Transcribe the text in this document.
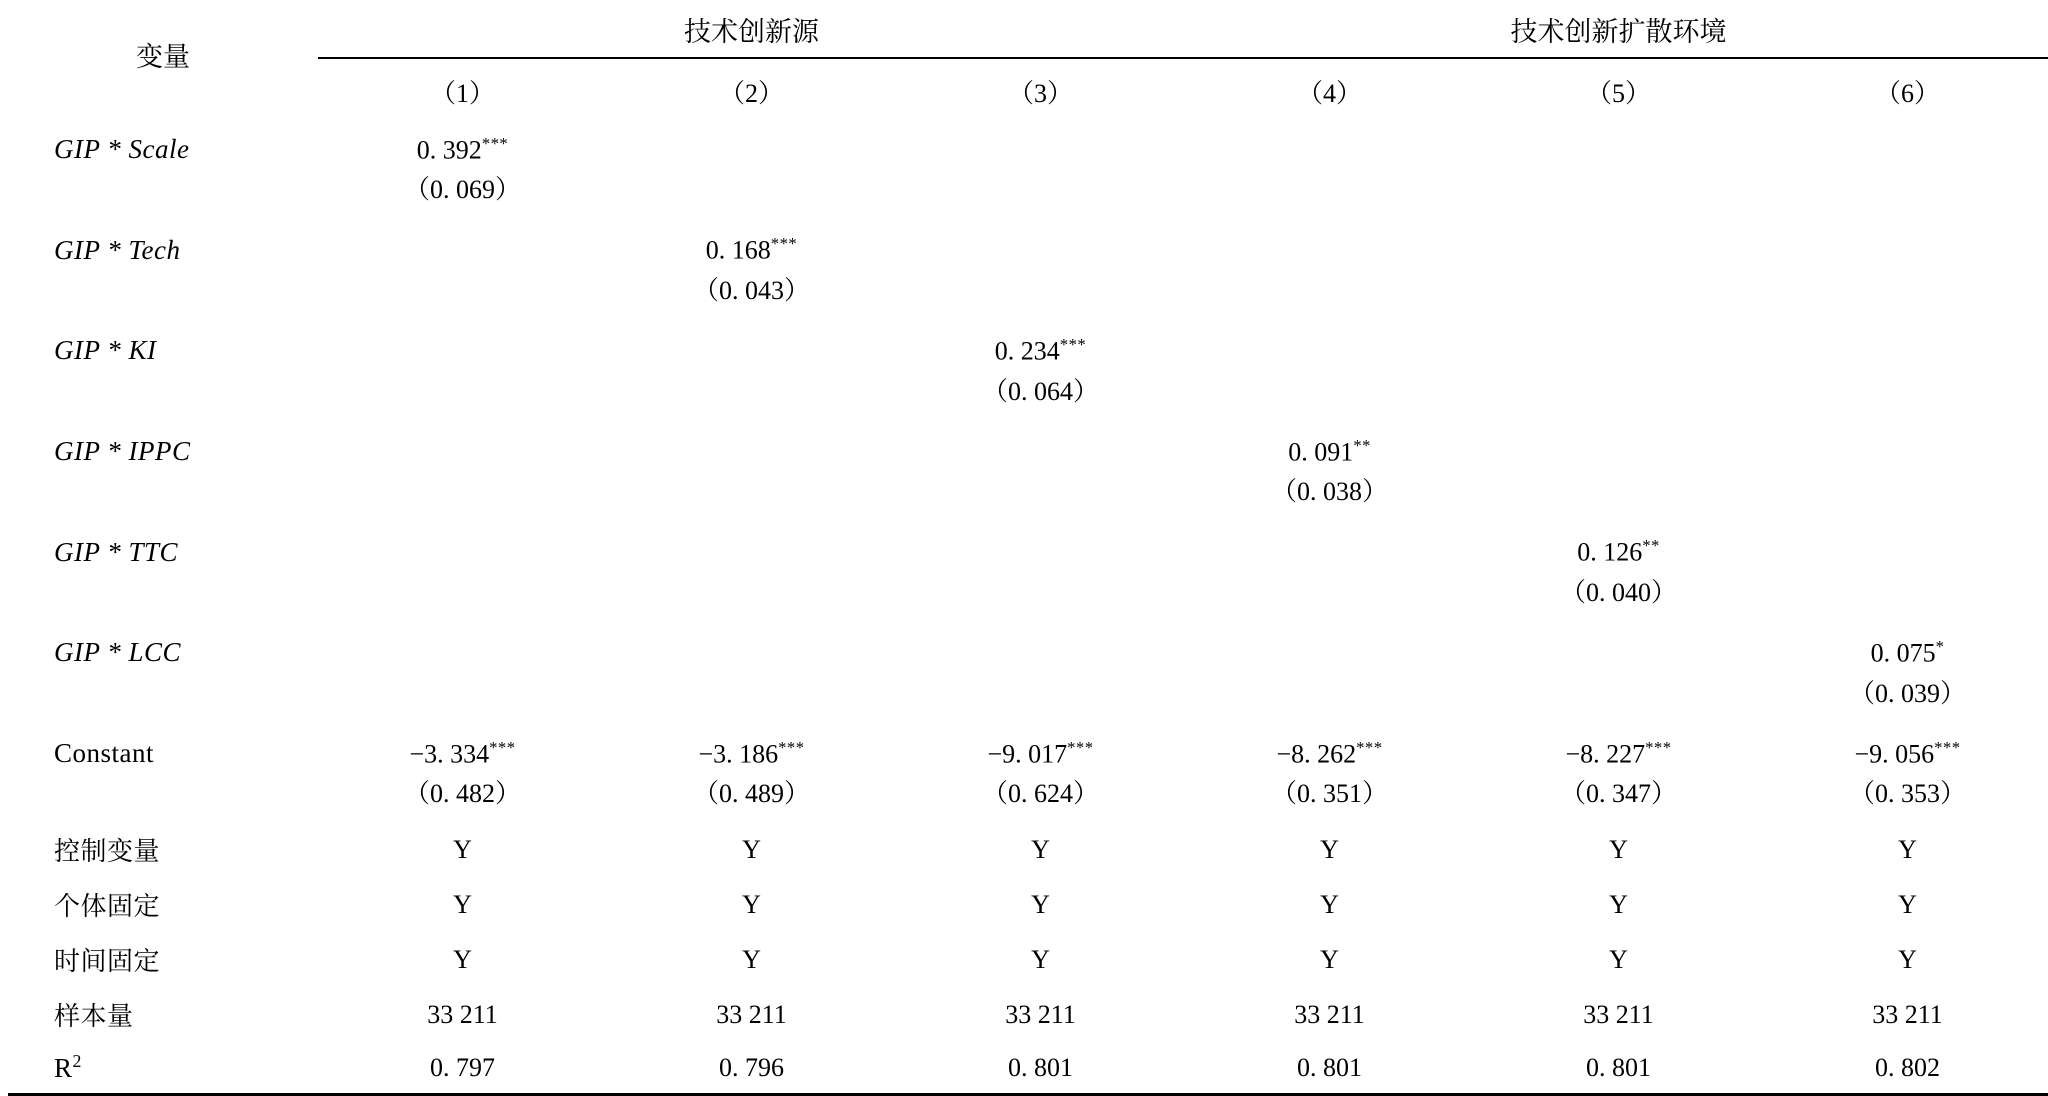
变量	技术创新源			技术创新扩散环境		

	（1）	（2）	（3）	（4）	（5）	（6）
GIP * Scale	0. 392***					
	（0. 069）					
GIP * Tech		0. 168***				
		（0. 043）				
GIP * KI			0. 234***			
			（0. 064）			
GIP * IPPC				0. 091**		
				（0. 038）		
GIP * TTC					0. 126**	
					（0. 040）	
GIP * LCC						0. 075*
						（0. 039）
Constant	−3. 334***	−3. 186***	−9. 017***	−8. 262***	−8. 227***	−9. 056***
	（0. 482）	（0. 489）	（0. 624）	（0. 351）	（0. 347）	（0. 353）
控制变量	Y	Y	Y	Y	Y	Y
个体固定	Y	Y	Y	Y	Y	Y
时间固定	Y	Y	Y	Y	Y	Y
样本量	33 211	33 211	33 211	33 211	33 211	33 211
$R^2$	0. 797	0. 796	0. 801	0. 801	0. 801	0. 802
